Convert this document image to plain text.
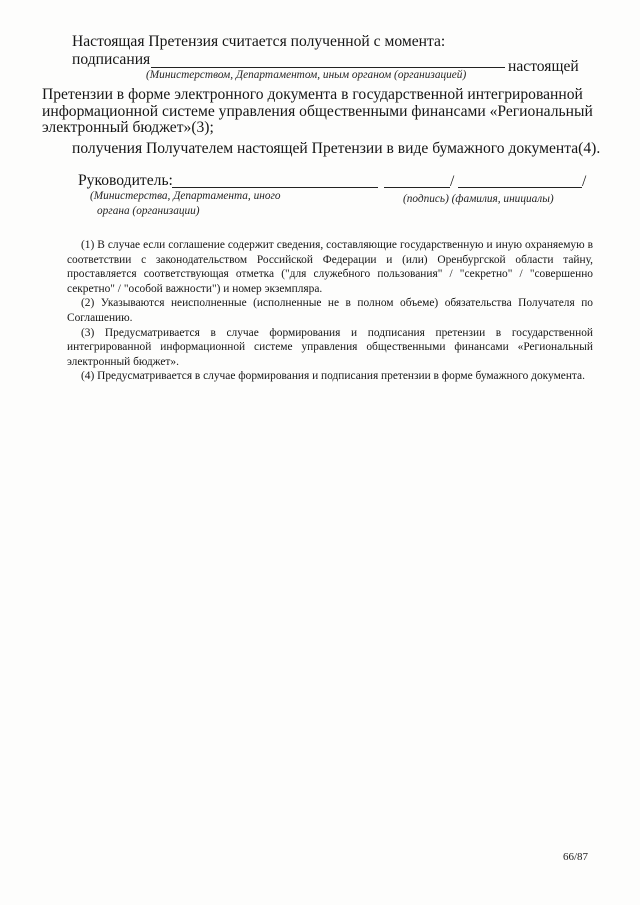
Настоящая Претензия считается полученной с момента:
подписания	настоящей
(Министерством, Департаментом, иным органом (организацией)
Претензии в форме электронного документа в государственной интегрированной
информационной системе управления общественными финансами «Региональный
электронный бюджет»(3);
получения Получателем настоящей Претензии в виде бумажного документа(4).
Руководитель:	/	/
(Министерства, Департамента, иного
органа (организации)
(подпись) (фамилия, инициалы)

(1) В случае если соглашение содержит сведения, составляющие государственную и иную охраняемую в соответствии с законодательством Российской Федерации и (или) Оренбургской области тайну, проставляется соответствующая отметка ("для служебного пользования" / "секретно" / "совершенно секретно" / "особой важности") и номер экземпляра.

(2) Указываются неисполненные (исполненные не в полном объеме) обязательства Получателя по Соглашению.

(3) Предусматривается в случае формирования и подписания претензии в государственной интегрированной информационной системе управления общественными финансами «Региональный электронный бюджет».

(4) Предусматривается в случае формирования и подписания претензии в форме бумажного документа.

66/87
